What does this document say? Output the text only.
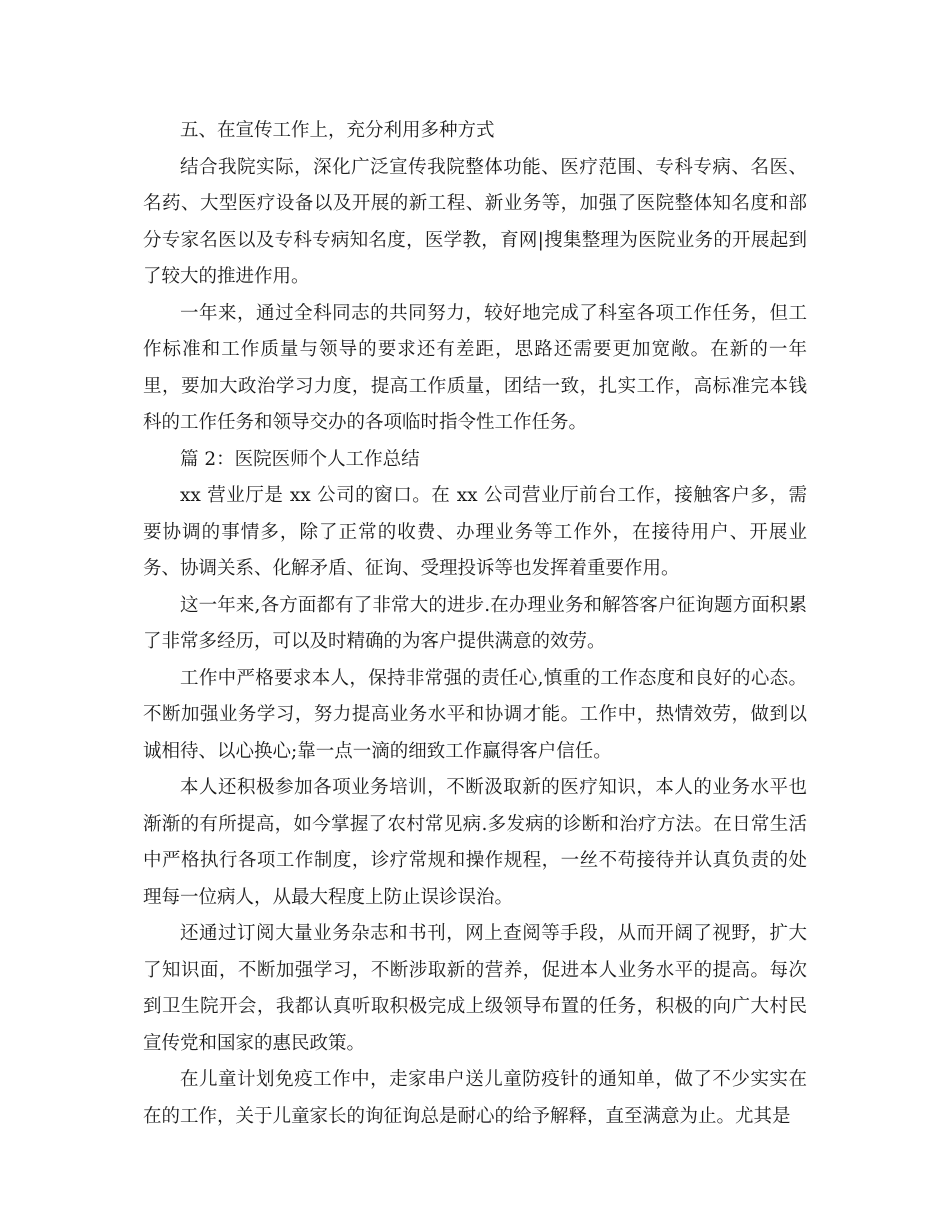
五、在宣传工作上，充分利用多种方式

结合我院实际，深化广泛宣传我院整体功能、医疗范围、专科专病、名医、名药、大型医疗设备以及开展的新工程、新业务等，加强了医院整体知名度和部分专家名医以及专科专病知名度，医学教，育网|搜集整理为医院业务的开展起到了较大的推进作用。

一年来，通过全科同志的共同努力，较好地完成了科室各项工作任务，但工作标准和工作质量与领导的要求还有差距，思路还需要更加宽敞。在新的一年里，要加大政治学习力度，提高工作质量，团结一致，扎实工作，高标准完本钱科的工作任务和领导交办的各项临时指令性工作任务。

篇 2：医院医师个人工作总结

xx 营业厅是 xx 公司的窗口。在 xx 公司营业厅前台工作，接触客户多，需要协调的事情多，除了正常的收费、办理业务等工作外，在接待用户、开展业务、协调关系、化解矛盾、征询、受理投诉等也发挥着重要作用。

这一年来,各方面都有了非常大的进步.在办理业务和解答客户征询题方面积累了非常多经历，可以及时精确的为客户提供满意的效劳。

工作中严格要求本人，保持非常强的责任心,慎重的工作态度和良好的心态。不断加强业务学习，努力提高业务水平和协调才能。工作中，热情效劳，做到以诚相待、以心换心;靠一点一滴的细致工作赢得客户信任。

本人还积极参加各项业务培训，不断汲取新的医疗知识，本人的业务水平也渐渐的有所提高，如今掌握了农村常见病.多发病的诊断和治疗方法。在日常生活中严格执行各项工作制度，诊疗常规和操作规程，一丝不苟接待并认真负责的处理每一位病人，从最大程度上防止误诊误治。

还通过订阅大量业务杂志和书刊，网上查阅等手段，从而开阔了视野，扩大了知识面，不断加强学习，不断涉取新的营养，促进本人业务水平的提高。每次到卫生院开会，我都认真听取积极完成上级领导布置的任务，积极的向广大村民宣传党和国家的惠民政策。

在儿童计划免疫工作中，走家串户送儿童防疫针的通知单，做了不少实实在在的工作，关于儿童家长的询征询总是耐心的给予解释，直至满意为止。尤其是
